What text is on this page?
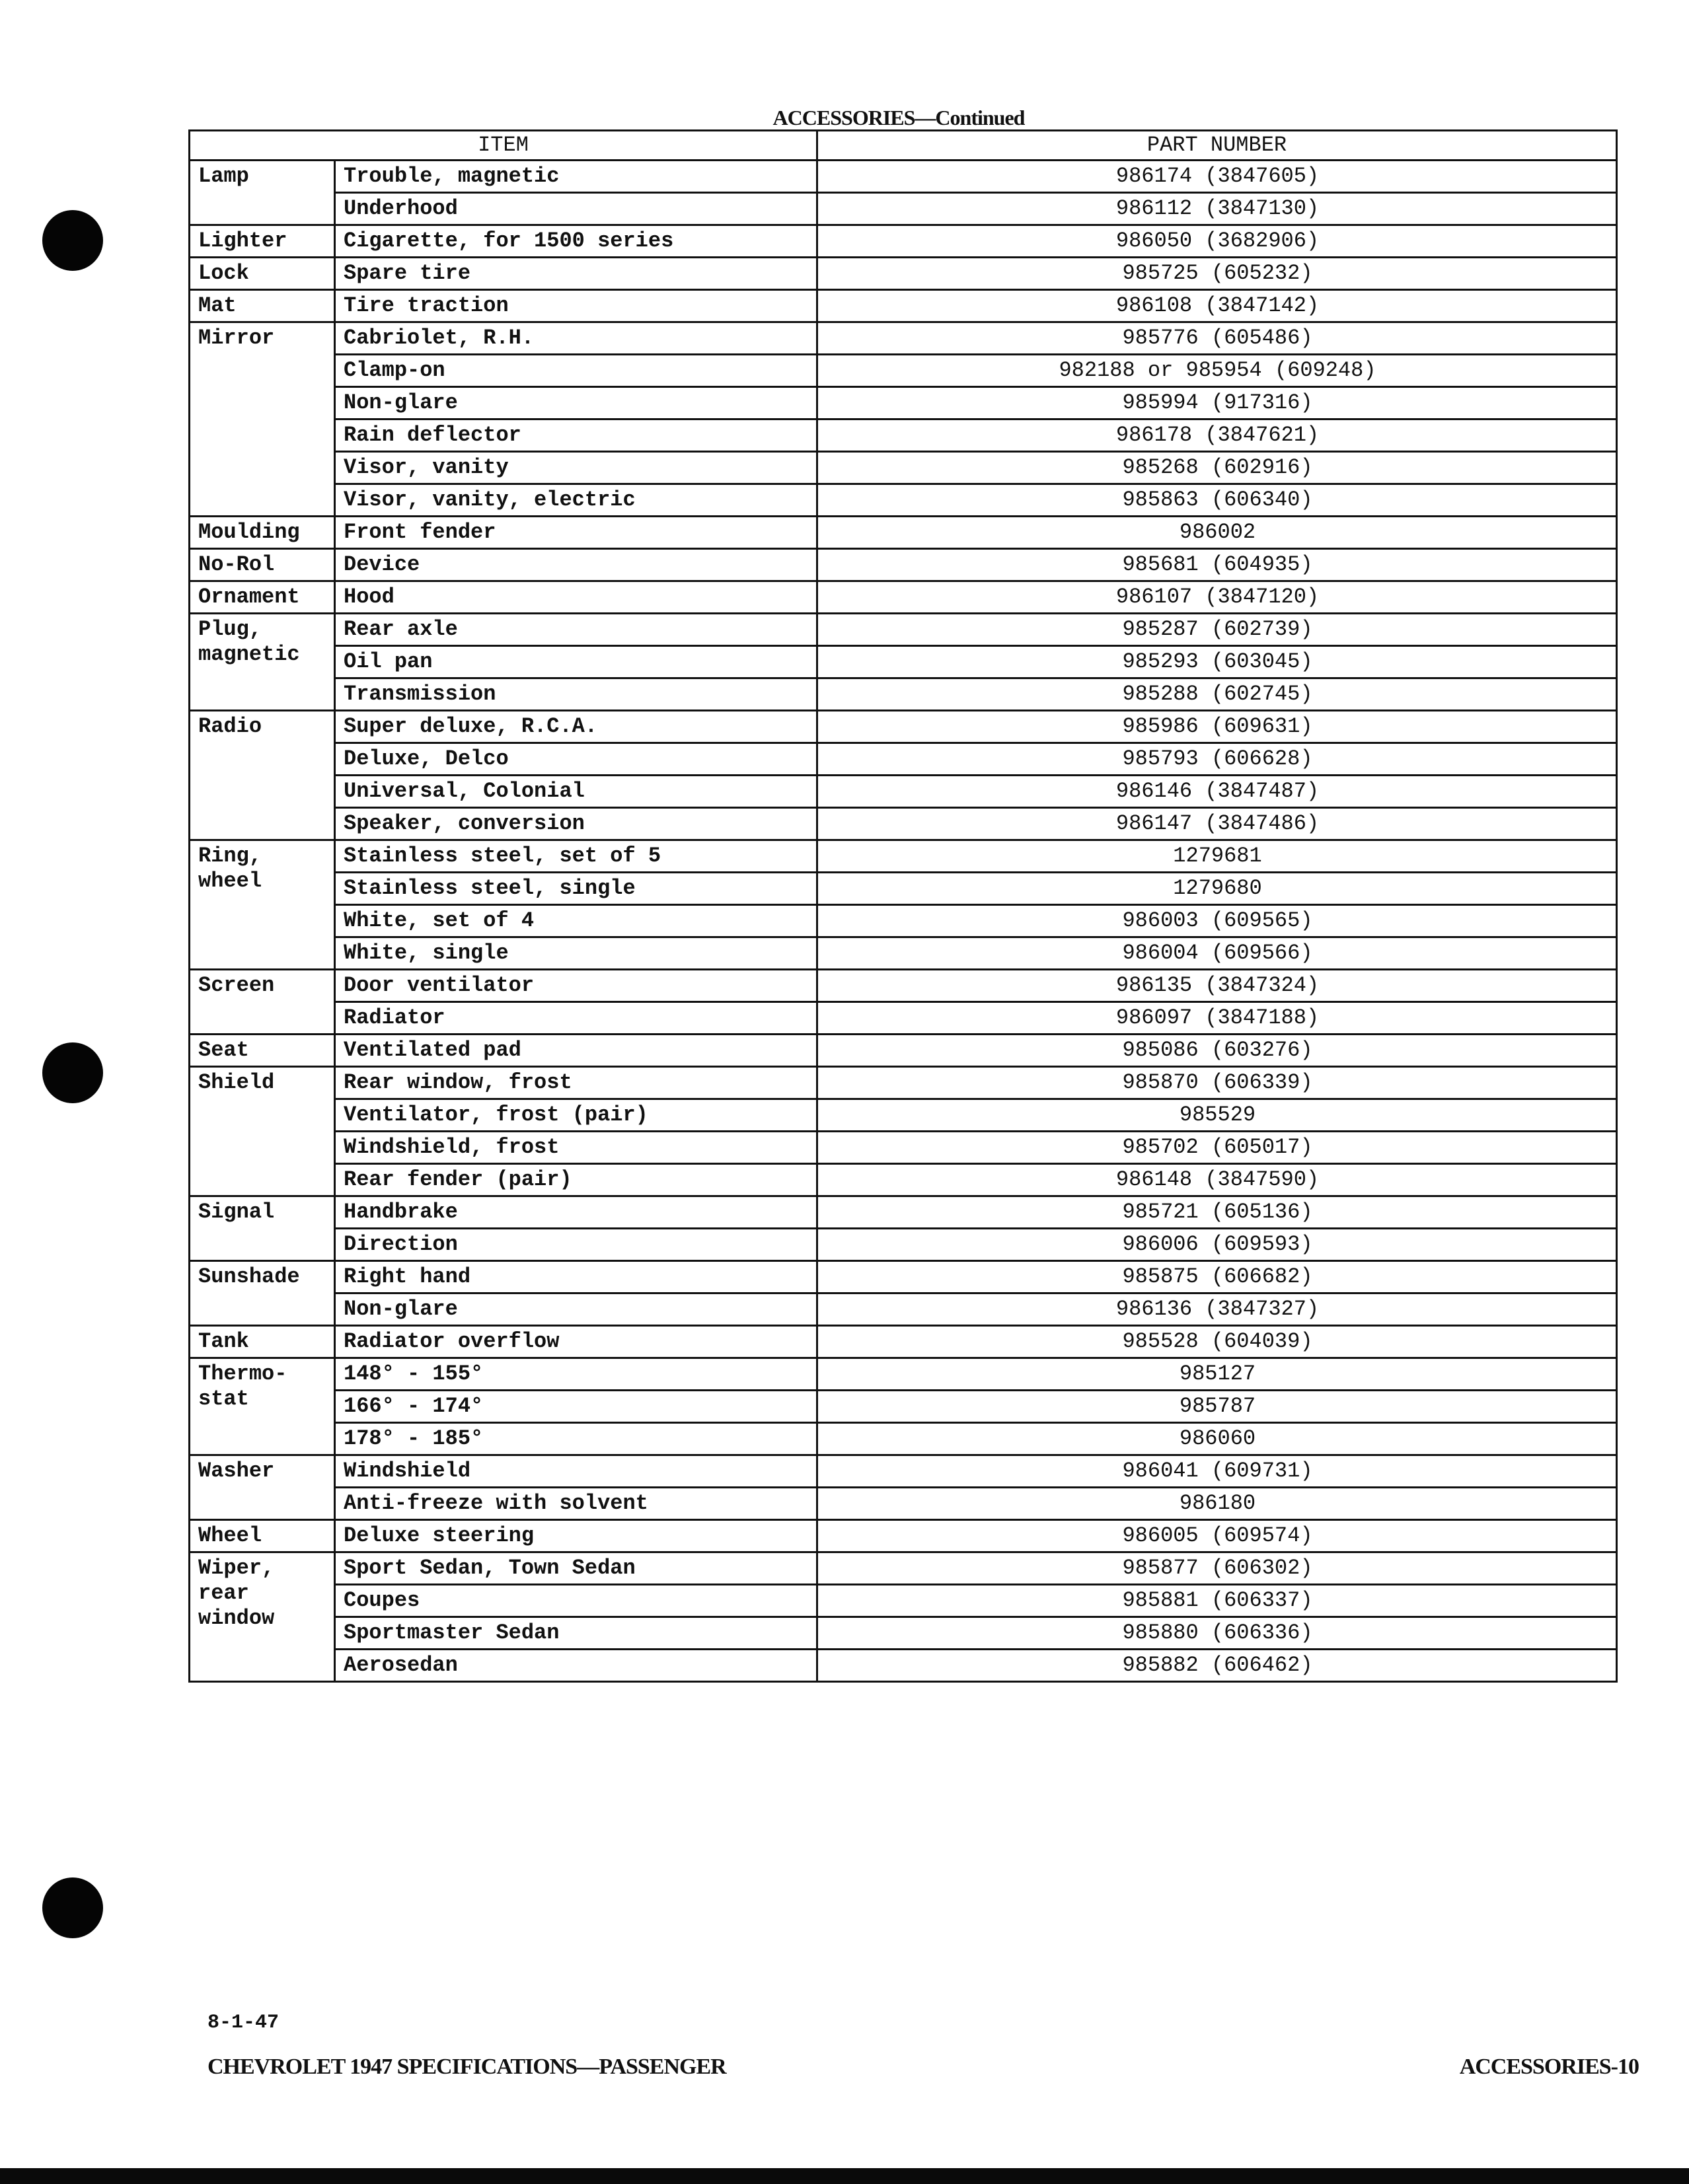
ACCESSORIES—Continued
ITEM		PART NUMBER
Lamp	Trouble, magnetic	986174 (3847605)
	Underhood	986112 (3847130)
Lighter	Cigarette, for 1500 series	986050 (3682906)
Lock	Spare tire	985725 (605232)
Mat	Tire traction	986108 (3847142)
Mirror	Cabriolet, R.H.	985776 (605486)
	Clamp-on	982188 or 985954 (609248)
	Non-glare	985994 (917316)
	Rain deflector	986178 (3847621)
	Visor, vanity	985268 (602916)
	Visor, vanity, electric	985863 (606340)
Moulding	Front fender	986002
No-Rol	Device	985681 (604935)
Ornament	Hood	986107 (3847120)
Plug,
magnetic	Rear axle	985287 (602739)
	Oil pan	985293 (603045)
	Transmission	985288 (602745)
Radio	Super deluxe, R.C.A.	985986 (609631)
	Deluxe, Delco	985793 (606628)
	Universal, Colonial	986146 (3847487)
	Speaker, conversion	986147 (3847486)
Ring,
wheel	Stainless steel, set of 5	1279681
	Stainless steel, single	1279680
	White, set of 4	986003 (609565)
	White, single	986004 (609566)
Screen	Door ventilator	986135 (3847324)
	Radiator	986097 (3847188)
Seat	Ventilated pad	985086 (603276)
Shield	Rear window, frost	985870 (606339)
	Ventilator, frost (pair)	985529
	Windshield, frost	985702 (605017)
	Rear fender (pair)	986148 (3847590)
Signal	Handbrake	985721 (605136)
	Direction	986006 (609593)
Sunshade	Right hand	985875 (606682)
	Non-glare	986136 (3847327)
Tank	Radiator overflow	985528 (604039)
Thermo-
stat	148° - 155°	985127
	166° - 174°	985787
	178° - 185°	986060
Washer	Windshield	986041 (609731)
	Anti-freeze with solvent	986180
Wheel	Deluxe steering	986005 (609574)
Wiper,
rear
window	Sport Sedan, Town Sedan	985877 (606302)
	Coupes	985881 (606337)
	Sportmaster Sedan	985880 (606336)
	Aerosedan	985882 (606462)
8-1-47
CHEVROLET 1947 SPECIFICATIONS—PASSENGER	ACCESSORIES-10
